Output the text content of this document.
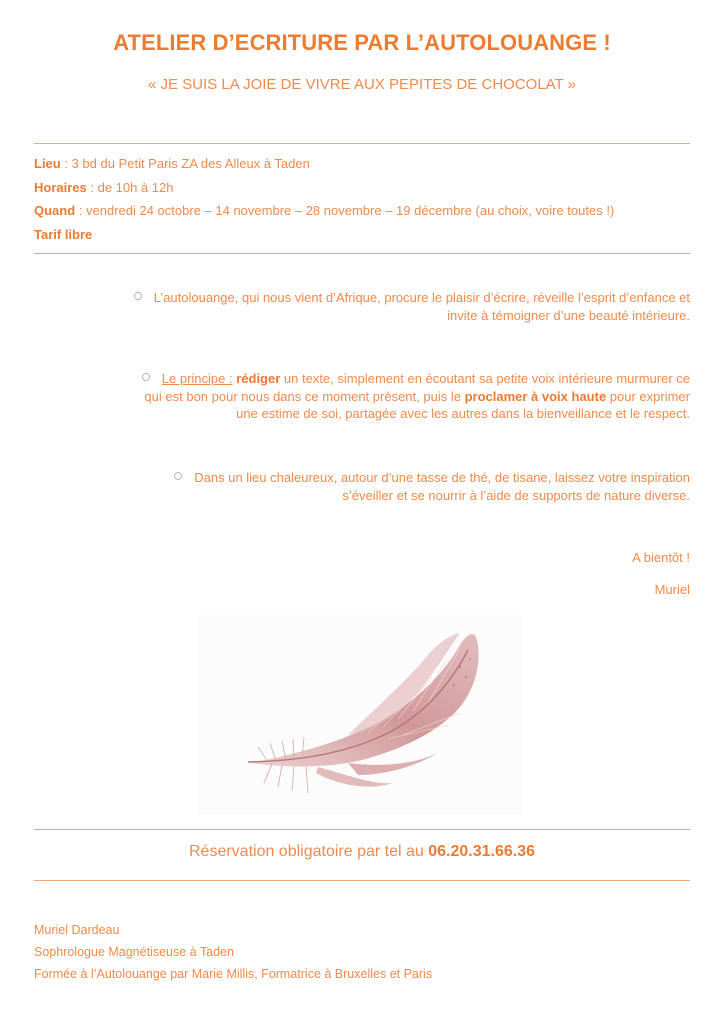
ATELIER D’ECRITURE PAR L’AUTOLOUANGE !
« JE SUIS LA JOIE DE VIVRE AUX PEPITES DE CHOCOLAT »
Lieu : 3 bd du Petit Paris ZA des Alleux à Taden
Horaires : de 10h à 12h
Quand : vendredi 24 octobre – 14 novembre – 28 novembre – 19 décembre (au choix, voire toutes !)
Tarif libre
L’autolouange, qui nous vient d’Afrique, procure le plaisir d’écrire, réveille l’esprit d’enfance et
invite à témoigner d’une beauté intérieure.
Le principe : rédiger un texte, simplement en écoutant sa petite voix intérieure murmurer ce
qui est bon pour nous dans ce moment présent, puis le proclamer à voix haute pour exprimer
une estime de soi, partagée avec les autres dans la bienveillance et le respect.
Dans un lieu chaleureux, autour d’une tasse de thé, de tisane, laissez votre inspiration
s’éveiller et se nourrir à l’aide de supports de nature diverse.
A bientôt !
Muriel
Réservation obligatoire par tel au 06.20.31.66.36
Muriel Dardeau
Sophrologue Magnétiseuse à Taden
Formée à l’Autolouange par Marie Millis, Formatrice à Bruxelles et Paris
